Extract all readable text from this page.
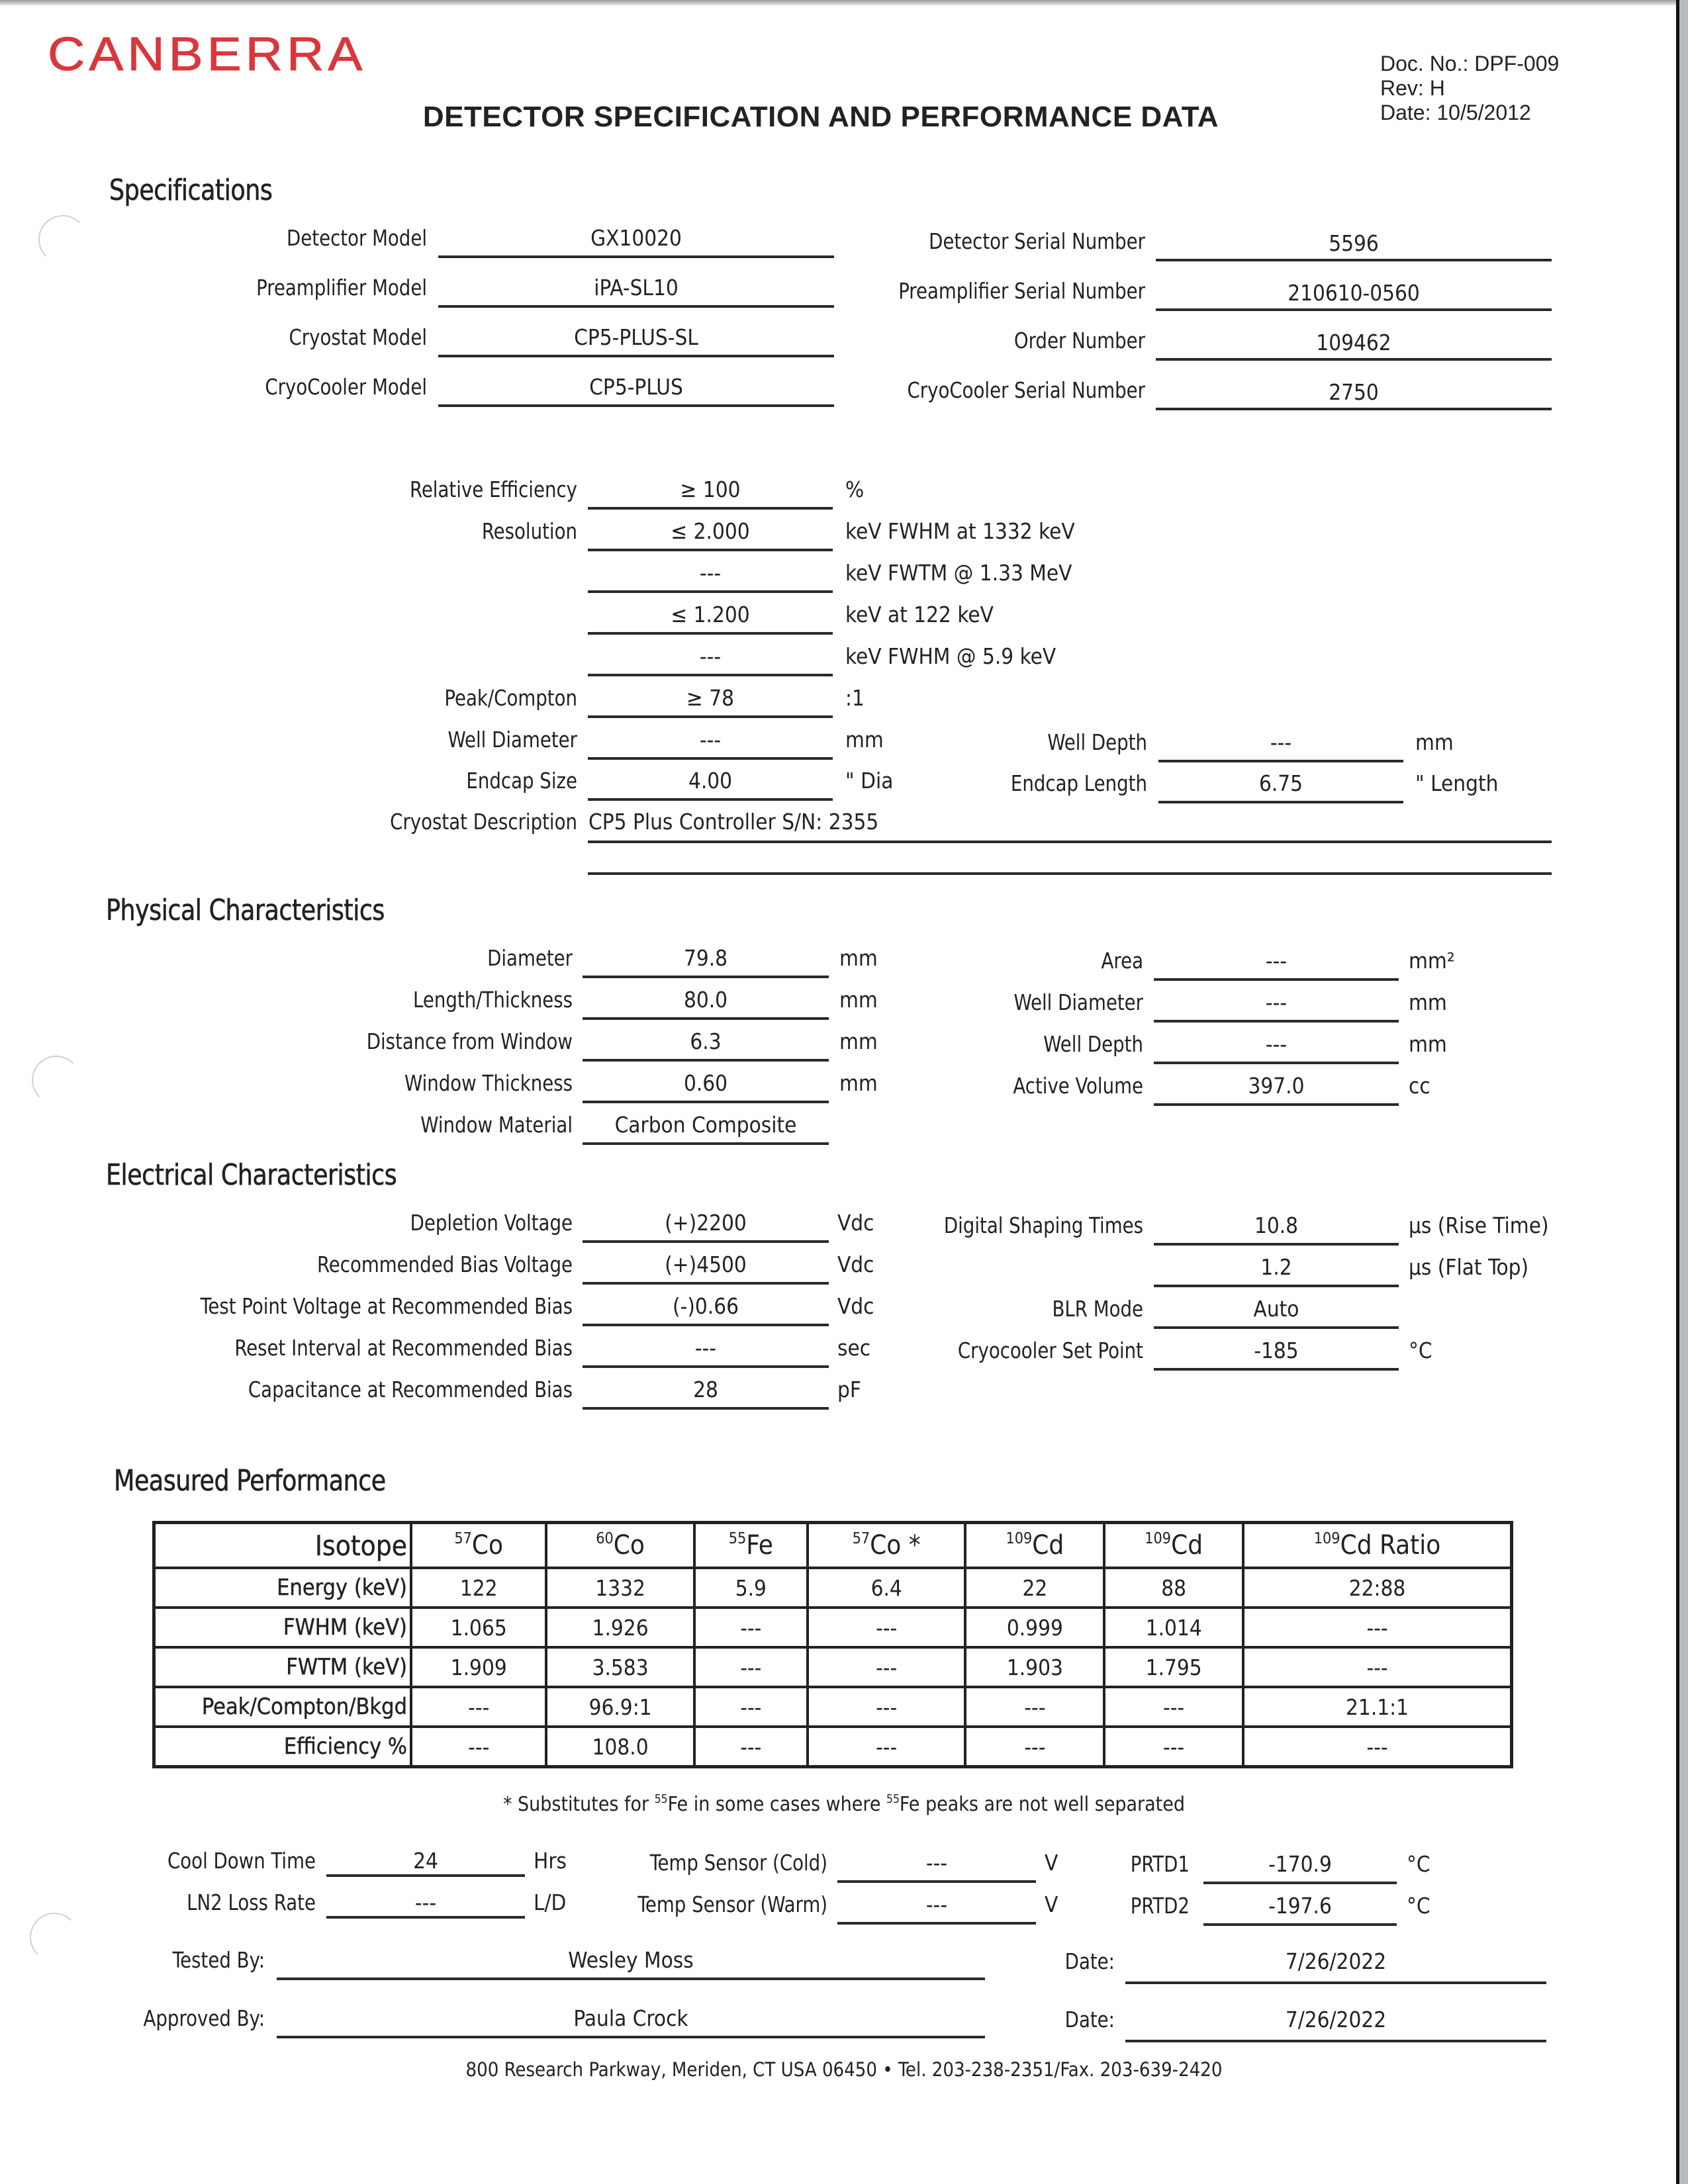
CANBERRA
DETECTOR SPECIFICATION AND PERFORMANCE DATA
Doc. No.: DPF-009
Rev: H
Date: 10/5/2012
Specifications
Detector Model	GX10020
Preamplifier Model	iPA-SL10
Cryostat Model	CP5-PLUS-SL
CryoCooler Model	CP5-PLUS
Detector Serial Number	5596
Preamplifier Serial Number	210610-0560
Order Number	109462
CryoCooler Serial Number	2750
Relative Efficiency	≥ 100	%
Resolution	≤ 2.000	keV FWHM at 1332 keV
---	keV FWTM @ 1.33 MeV
≤ 1.200	keV at 122 keV
---	keV FWHM @ 5.9 keV
Peak/Compton	≥ 78	:1
Well Diameter	---	mm
Endcap Size	4.00	" Dia
Well Depth	---	mm
Endcap Length	6.75	" Length
Cryostat Description CP5 Plus Controller S/N: 2355
Physical Characteristics
Diameter	79.8	mm
Length/Thickness	80.0	mm
Distance from Window	6.3	mm
Window Thickness	0.60	mm
Window Material	Carbon Composite
Area	---	mm²
Well Diameter	---	mm
Well Depth	---	mm
Active Volume	397.0	cc
Electrical Characteristics
Depletion Voltage	(+)2200	Vdc
Recommended Bias Voltage	(+)4500	Vdc
Test Point Voltage at Recommended Bias	(-)0.66	Vdc
Reset Interval at Recommended Bias	---	sec
Capacitance at Recommended Bias	28	pF
Digital Shaping Times	10.8	µs (Rise Time)
1.2	µs (Flat Top)
BLR Mode	Auto
Cryocooler Set Point	-185	°C
Measured Performance
Isotope	$^{57}$Co	$^{60}$Co	$^{55}$Fe	$^{57}$Co *	$^{109}$Cd	$^{109}$Cd	$^{109}$Cd Ratio
Energy (keV)	122	1332	5.9	6.4	22	88	22:88
FWHM (keV)	1.065	1.926	---	---	0.999	1.014	---
FWTM (keV)	1.909	3.583	---	---	1.903	1.795	---
Peak/Compton/Bkgd	---	96.9:1	---	---	---	---	21.1:1
Efficiency %	---	108.0	---	---	---	---	---
* Substitutes for $^{55}$Fe in some cases where $^{55}$Fe peaks are not well separated
Cool Down Time	24	Hrs
LN2 Loss Rate	---	L/D
Temp Sensor (Cold)	---	V
Temp Sensor (Warm)	---	V
PRTD1	-170.9	°C
PRTD2	-197.6	°C
Tested By:	Wesley Moss
Approved By:	Paula Crock
Date:	7/26/2022
Date:	7/26/2022
800 Research Parkway, Meriden, CT USA 06450 • Tel. 203-238-2351/Fax. 203-639-2420
